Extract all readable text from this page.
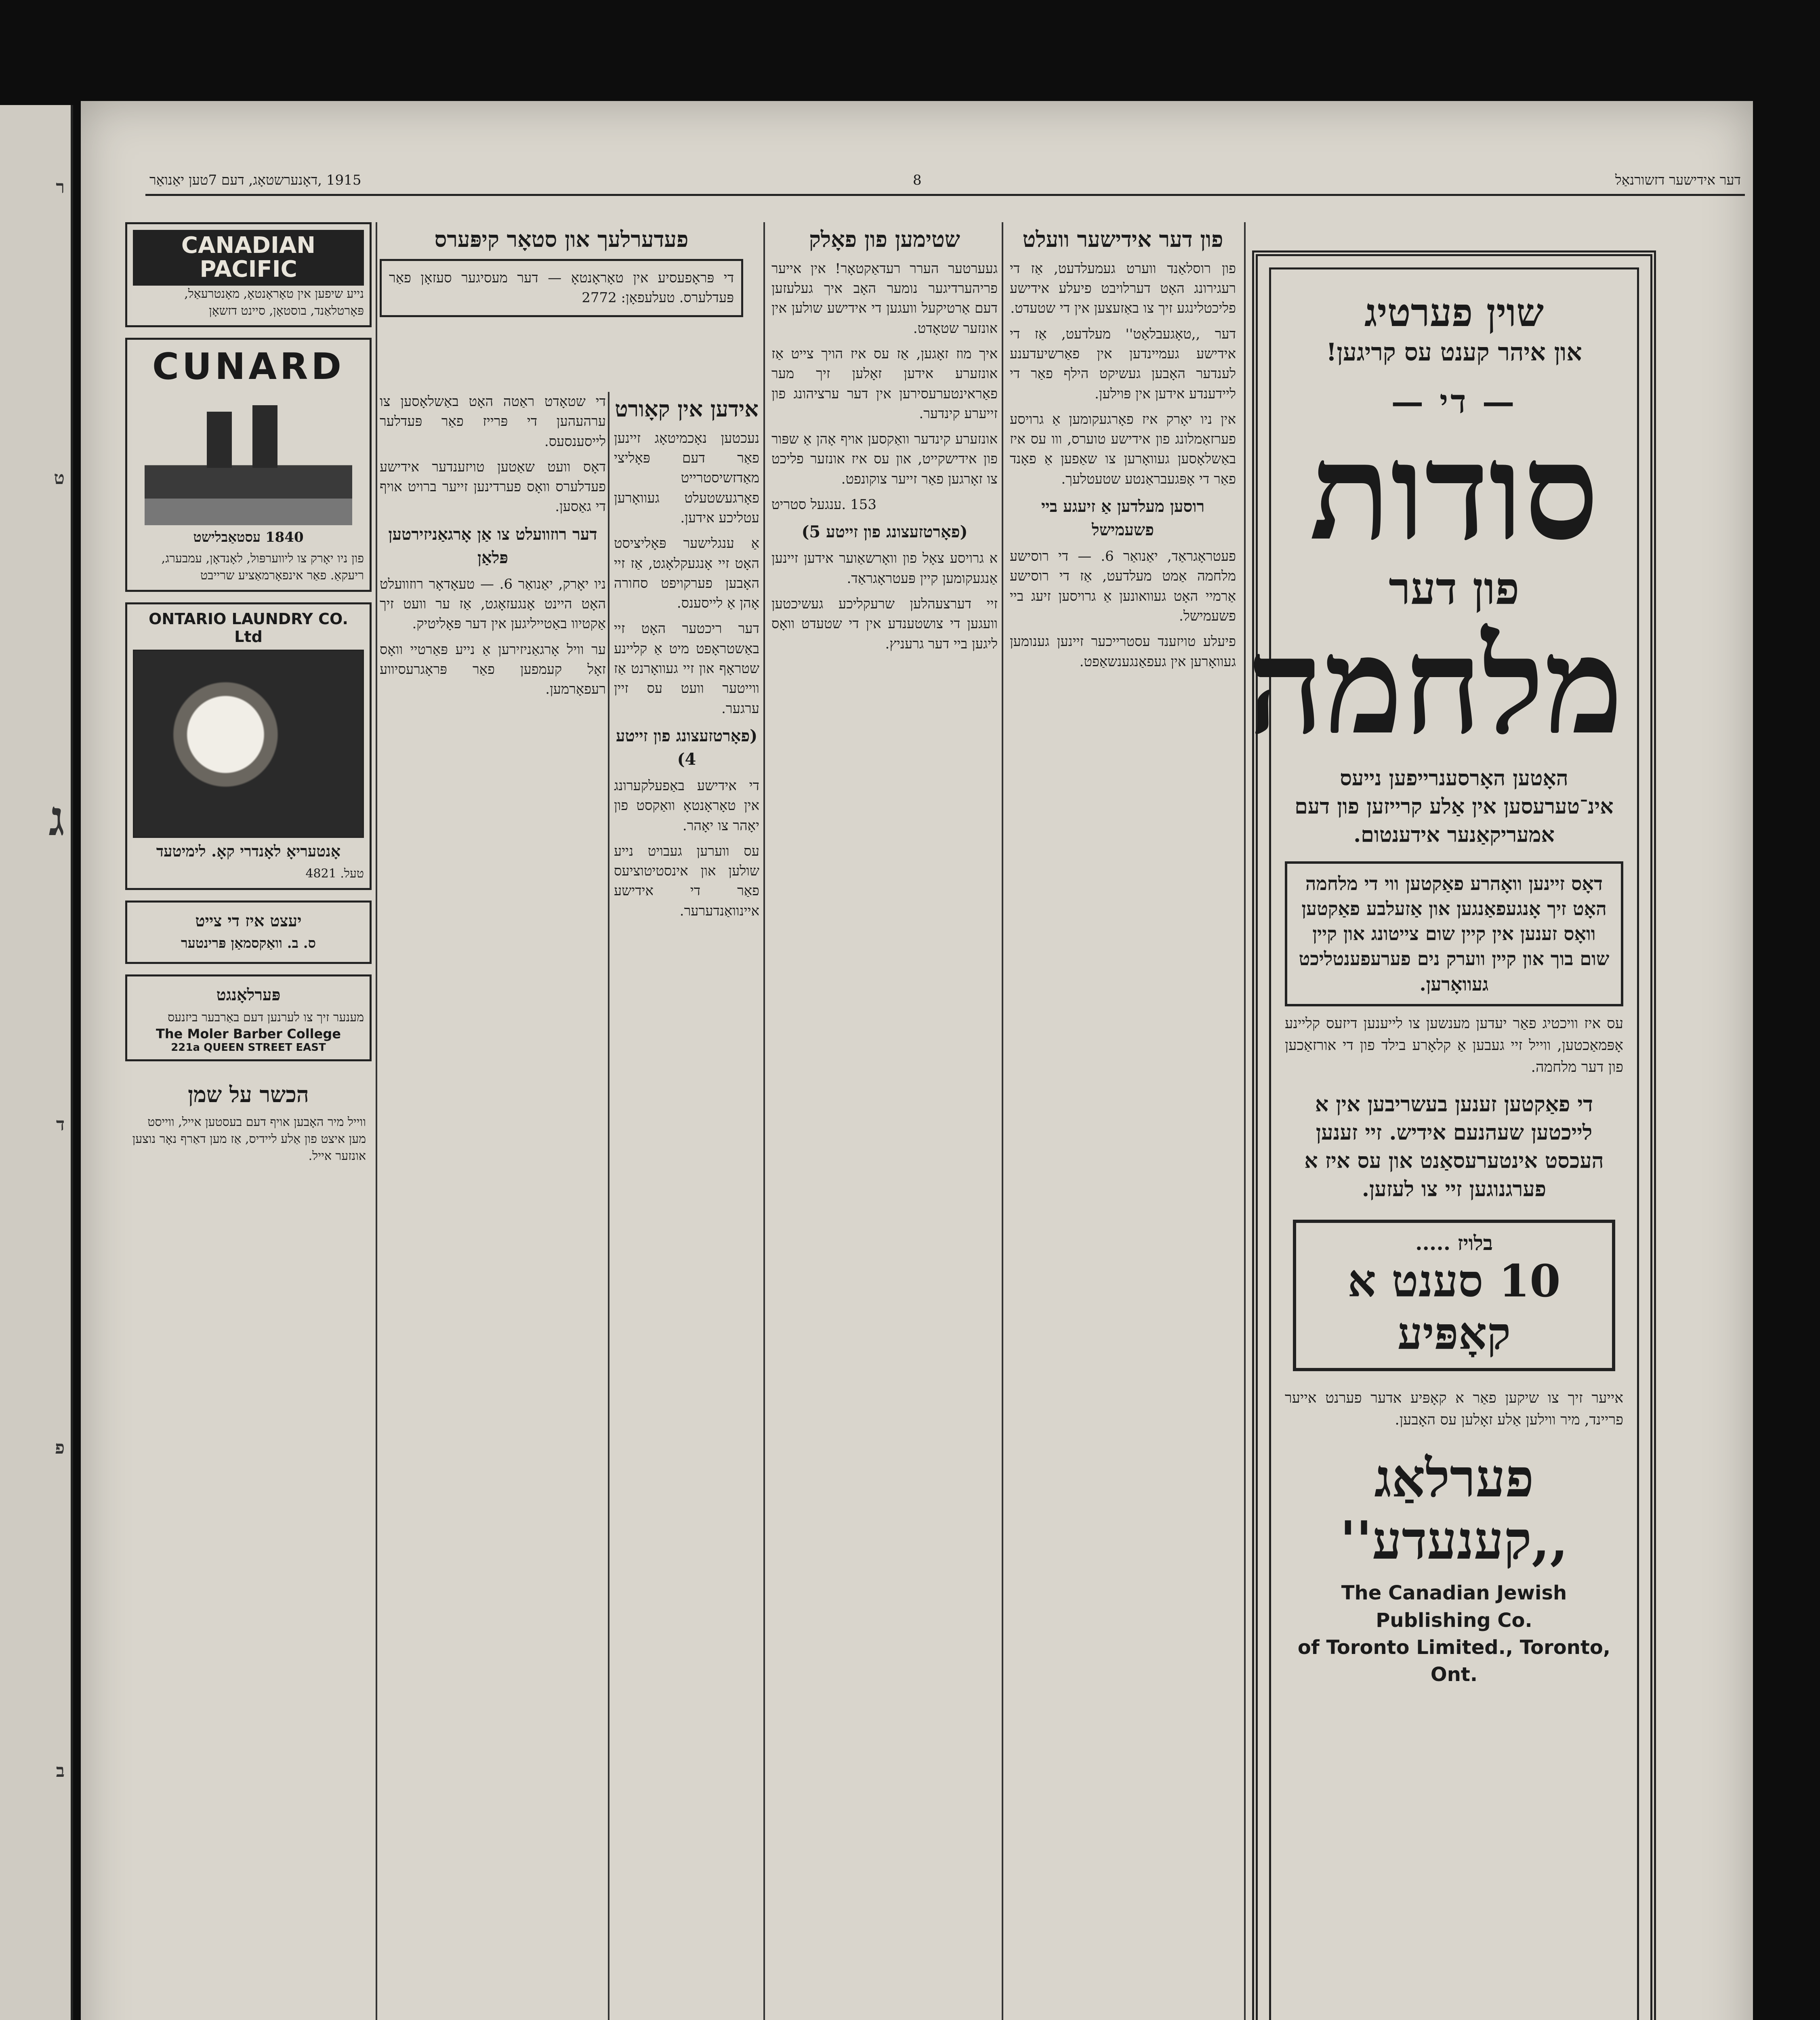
ר
ט
ג
ד
פ
ב
דער אידישער דזשורנאַל
8
1915 ,דאָנערשטאָג, דעם 7טען יאַנואַר
שוין פערטיג
און איהר קענט עס קריגען!
— די —
סודות
פון דער
מלחמה
האָטען האָרסענרייפען נייעס אינ־טערעסען אין אַלע קרייזען פון דעם אמעריקאַנער אידענטום.
דאָס זיינען וואָהרע פאַקטען ווי די מלחמה האָט זיך אָנגעפאַנגען און אַזעלבע פאַקטען וואָס זענען אין קיין שום צייטונג און קיין שום בוך און קיין ווערק נים פערעפענטליכט געוואָרען.
עס איז וויכטיג פאַר יעדען מענשען צו לייענען דיזעס קליינע אָפּמאַכטען, ווייל זיי געבען אַ קלאָרע בילד פון די אורזאַכען פון דער מלחמה.
די פאַקטען זענען בעשריבען אין א לייכטען שעהנעם אידיש. זיי זענען העכסט אינטערעסאַנט און עס איז א פערגנוגען זיי צו לעזען.
בלויז .....
10 סענט א קאָפּיע
אייער זיך צו שיקען פאַר א קאָפּיע אדער פערנט אייער פריינד, מיר ווילען אַלע זאָלען עס האָבען.
פערלאַג ,,קענעדע''
The Canadian Jewish Publishing Co.
of Toronto Limited., Toronto, Ont.
פון דער אידישער וועלט

פון רוסלאַנד ווערט געמעלדעט, אַז די רעגירונג האָט דערלויבט פיעלע אידישע פליכטלינגע זיך צו באַזעצען אין די שטעדט.

דער ,,טאָגעבלאַט'' מעלדעט, אַז די אידישע געמיינדען אין פאַרשיעדענע לענדער האָבען געשיקט הילף פאַר די ליידענדע אידען אין פּוילען.

אין ניו יאָרק איז פאָרגעקומען אַ גרויסע פערזאַמלונג פון אידישע טוערס, ווו עס איז באַשלאָסען געוואָרען צו שאַפען אַ פאָנד פאַר די אָפּגעבראַנטע שטעטלעך.

רוסען מעלדען אַ זיעגע ביי פשעמישל

פעטראָגראַד, יאַנואַר 6. — די רוסישע מלחמה אַמט מעלדעט, אַז די רוסישע אַרמיי האָט געוואונען אַ גרויסען זיעג ביי פשעמישל.

פיעלע טויזענד עסטרייכער זיינען גענומען געוואָרען אין געפאַנגענשאַפט.

שטימען פון פאָלק

געערטער הערר רעדאַקטאָר! אין אייער פריהערדיגער נומער האָב איך געלעזען דעם אַרטיקעל וועגען די אידישע שולען אין אונזער שטאָדט.

איך מוז זאָגען, אַז עס איז הויך צייט אַז אונזערע אידען זאָלען זיך מער פאַראינטערעסירען אין דער ערציהונג פון זייערע קינדער.

אונזערע קינדער וואַקסען אויף אָהן אַ שפּור פון אידישקייט, און עס איז אונזער פליכט צו זאָרגען פאַר זייער צוקונפט.

153 .ענגעל סטריט

(פאָרטזעצונג פון זייטע 5)

א גרויסע צאָל פון וואָרשאַוער אידען זיינען אַנגעקומען קיין פּעטראָגראַד.

זיי דערצעהלען שרעקליכע געשיכטען וועגען די צושטענדע אין די שטעדט וואָס ליגען ביי דער גרעניץ.

אידען אין קאָורט

נעכטען נאָכמיטאָג זיינען פאַר דעם פּאָליצי מאַדזשיסטרייט פאָרגעשטעלט געוואָרען עטליכע אידען.

אַ ענגלישער פּאָליציסט האָט זיי אָנגעקלאָגט, אַז זיי האָבען פערקויפט סחורה אָהן אַ לייסענס.

דער ריכטער האָט זיי באַשטראָפט מיט אַ קליינע שטראָף און זיי געוואָרנט אַז ווייטער וועט עס זיין ערגער.

(פאָרטזעצונג פון זייטע 4)

די אידישע באַפעלקערונג אין טאָראָנטאָ וואַקסט פון יאָהר צו יאָהר.

עס ווערען געבויט נייע שולען און אינסטיטוציעס פאַר די אידישע איינוואַנדערער.

פעדערלעך און סטאָר קיפּערס
די פּראָפעסיע אין טאָראָנטאָ — דער מעסיגער סעזאָן פאַר פּעדלערס. טעלעפאָן: 2772

די שטאָדט ראַטה האָט באַשלאָסען צו ערהעהען די פּרייז פאַר פּעדלער לייסענסעס.

דאָס וועט שאַטען טויזענדער אידישע פעדלערס וואָס פערדינען זייער ברויט אויף די גאַסען.

דער רוזוועלט צו אַן אָרגאַניזירטען פּלאַן

ניו יאָרק, יאַנואַר 6. — טעאָדאָר רוזוועלט האָט היינט אָנגעזאָגט, אַז ער וועט זיך אַקטיוו באַטייליגען אין דער פּאָליטיק.

ער וויל אָרגאַניזירען אַ נייע פּאַרטיי וואָס זאָל קעמפען פאַר פּראָגרעסיווע רעפאָרמען.

CANADIAN
PACIFIC
נייע שיפען אין טאָראָנטאָ, מאָנטרעאַל, פּאָרטלאַנד, בוסטאָן, סיינט דזשאָן
CUNARD
1840 עסטאַבלישט
פון ניו יאָרק צו ליווערפּול, לאָנדאָן, עמבערג, ריעקאַ. פאַר אינפאָרמאַציע שרייבט
ONTARIO LAUNDRY CO. Ltd
אָנטעריאָ לאָנדרי קאָ. לימיטעד
טעל. 4821
יעצט איז די צייט
ס. ב. וואַקסמאַן פּרינטער
פּערלאָנגט
מענער זיך צו לערנען דעם באַרבער ביזנעס
The Moler Barber College
221a QUEEN STREET EAST
הכשר על שמן
ווייל מיר האָבען אויף דעם בעסטען אייל, ווייסט מען איצט פון אַלע ליידיס, אַז מען דאַרף נאָר נוצען אונזער אייל.
